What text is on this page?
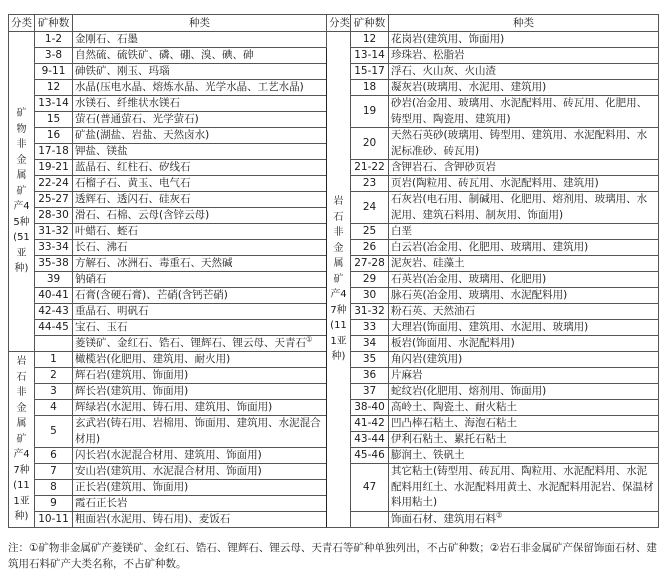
分类	矿种数	种类	分类	矿种数	种类
矿物非金属矿产45种(51亚种)	1-2	金刚石、石墨	岩石非金属矿产47种(111亚种)	12	花岗岩(建筑用、饰面用)
	3-8	自然硫、硫铁矿、磷、硼、溴、碘、砷		13-14	珍珠岩、松脂岩
	9-11	砷铁矿、刚玉、玛瑙		15-17	浮石、火山灰、火山渣
	12	水晶(压电水晶、熔炼水晶、光学水晶、工艺水晶)		18	凝灰岩(玻璃用、水泥用、建筑用)
	13-14	水镁石、纤维状水镁石		19	砂岩(冶金用、玻璃用、水泥配料用、砖瓦用、化肥用、铸型用、陶瓷用、建筑用)
	15	萤石(普通萤石、光学萤石)			
	16	矿盐(湖盐、岩盐、天然卤水)		20	天然石英砂(玻璃用、铸型用、建筑用、水泥配料用、水泥标准砂、砖瓦用)
	17-18	钾盐、镁盐			
	19-21	蓝晶石、红柱石、矽线石		21-22	含钾岩石、含钾砂页岩
	22-24	石榴子石、黄玉、电气石		23	页岩(陶粒用、砖瓦用、水泥配料用、建筑用)
	25-27	透辉石、透闪石、硅灰石		24	石灰岩(电石用、制碱用、化肥用、熔剂用、玻璃用、水泥用、建筑石料用、制灰用、饰面用)
	28-30	滑石、石棉、云母(含锌云母)			
	31-32	叶蜡石、蛭石		25	白垩
	33-34	长石、沸石		26	白云岩(冶金用、化肥用、玻璃用、建筑用)
	35-38	方解石、冰洲石、毒重石、天然碱		27-28	泥灰岩、硅藻土
	39	钠硝石		29	石英岩(冶金用、玻璃用、化肥用)
	40-41	石膏(含硬石膏)、芒硝(含钙芒硝)		30	脉石英(冶金用、玻璃用、水泥配料用)
	42-43	重晶石、明矾石		31-32	粉石英、天然油石
	44-45	宝石、玉石		33	大理岩(饰面用、建筑用、水泥用、玻璃用)
		菱镁矿、金红石、锆石、锂辉石、锂云母、天青石①		34	板岩(饰面用、水泥配料用)
岩石非金属矿产47种(111亚种)	1	橄榄岩(化肥用、建筑用、耐火用)		35	角闪岩(建筑用)
	2	辉石岩(建筑用、饰面用)		36	片麻岩
	3	辉长岩(建筑用、饰面用)		37	蛇纹岩(化肥用、熔剂用、饰面用)
	4	辉绿岩(水泥用、铸石用、建筑用、饰面用)		38-40	高岭土、陶瓷土、耐火粘土
	5	玄武岩(铸石用、岩棉用、饰面用、建筑用、水泥混合材用)		41-42	凹凸棒石粘土、海泡石粘土
				43-44	伊利石粘土、累托石粘土
	6	闪长岩(水泥混合材用、建筑用、饰面用)		45-46	膨润土、铁矾土
	7	安山岩(建筑用、水泥混合材用、饰面用)		47	其它粘土(铸型用、砖瓦用、陶粒用、水泥配料用、水泥配料用红土、水泥配料用黄土、水泥配料用泥岩、保温材料用粘土)
	8	正长岩(建筑用、饰面用)			
	9	霞石正长岩			
	10-11	粗面岩(水泥用、铸石用)、麦饭石			饰面石材、建筑用石料②
注：①矿物非金属矿产菱镁矿、金红石、锆石、锂辉石、锂云母、天青石等矿种单独列出，不占矿种数；②岩石非金属矿产保留饰面石材、建筑用石料矿产大类名称，不占矿种数。
